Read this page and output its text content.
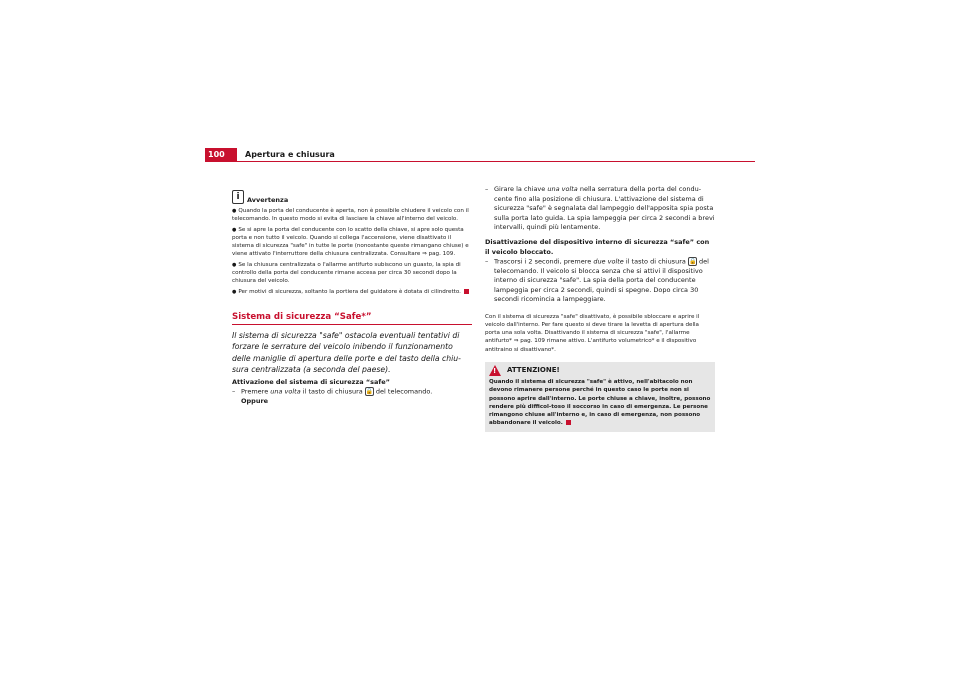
100	Apertura e chiusura
i	Avvertenza

● Quando la porta del conducente è aperta, non è possibile chiudere il veicolo con il telecomando. In questo modo si evita di lasciare la chiave all'interno del veicolo.

● Se si apre la porta del conducente con lo scatto della chiave, si apre solo questa porta e non tutto il veicolo. Quando si collega l'accensione, viene disattivato il sistema di sicurezza "safe" in tutte le porte (nonostante queste rimangano chiuse) e viene attivato l'interruttore della chiusura centralizzata. Consultare ⇒ pag. 109.

● Se la chiusura centralizzata o l'allarme antifurto subiscono un guasto, la spia di controllo della porta del conducente rimane accesa per circa 30 secondi dopo la chiusura del veicolo.

● Per motivi di sicurezza, soltanto la portiera del guidatore è dotata di cilindretto.

Sistema di sicurezza “Safe*”

Il sistema di sicurezza "safe" ostacola eventuali tentativi di forzare le serrature del veicolo inibendo il funzionamento delle maniglie di apertura delle porte e del tasto della chiu-sura centralizzata (a seconda del paese).

Attivazione del sistema di sicurezza “safe”

– Premere una volta il tasto di chiusura 🔒 del telecomando.
Oppure

– Girare la chiave una volta nella serratura della porta del condu-cente fino alla posizione di chiusura. L'attivazione del sistema di sicurezza "safe" è segnalata dal lampeggio dell'apposita spia posta sulla porta lato guida. La spia lampeggia per circa 2 secondi a brevi intervalli, quindi più lentamente.

Disattivazione del dispositivo interno di sicurezza “safe” con il veicolo bloccato.

– Trascorsi i 2 secondi, premere due volte il tasto di chiusura 🔒 del telecomando. Il veicolo si blocca senza che si attivi il dispositivo interno di sicurezza "safe". La spia della porta del conducente lampeggia per circa 2 secondi, quindi si spegne. Dopo circa 30 secondi ricomincia a lampeggiare.

Con il sistema di sicurezza "safe" disattivato, è possibile sbloccare e aprire il veicolo dall'interno. Per fare questo si deve tirare la levetta di apertura della porta una sola volta. Disattivando il sistema di sicurezza "safe", l'allarme antifurto* ⇒ pag. 109 rimane attivo. L'antifurto volumetrico* e il dispositivo antitraino si disattivano*.

!
ATTENZIONE!

Quando il sistema di sicurezza "safe" è attivo, nell'abitacolo non devono rimanere persone perché in questo caso le porte non si possono aprire dall'interno. Le porte chiuse a chiave, inoltre, possono rendere più difficol-toso il soccorso in caso di emergenza. Le persone rimangono chiuse all'interno e, in caso di emergenza, non possono abbandonare il veicolo.
